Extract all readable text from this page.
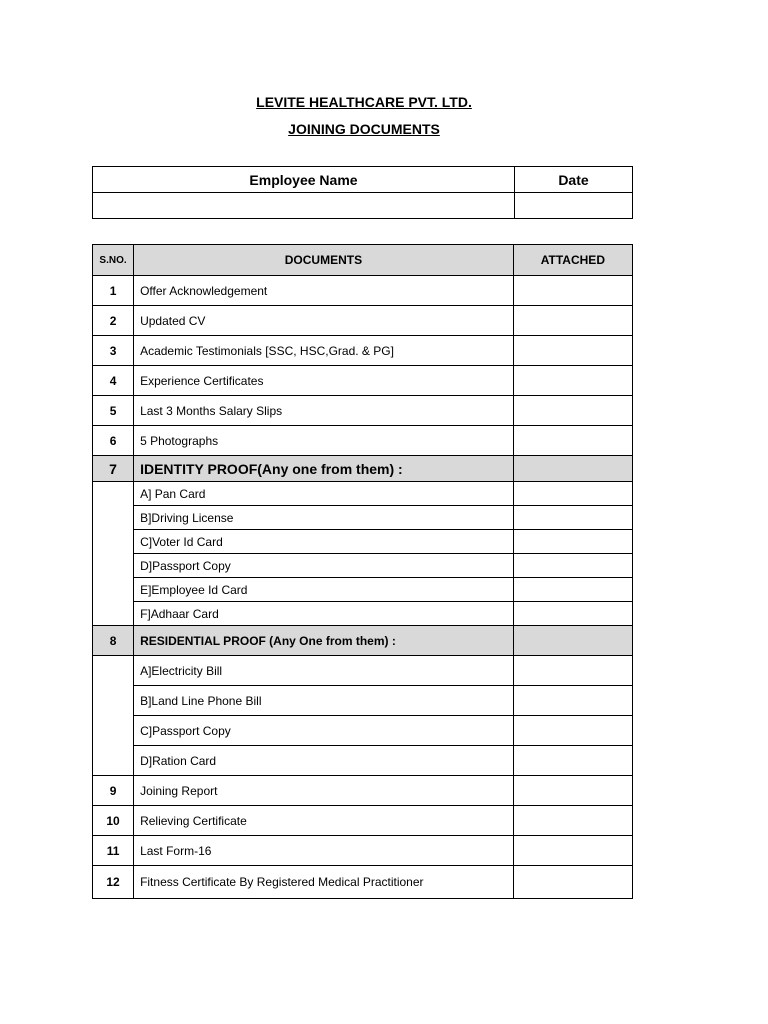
LEVITE HEALTHCARE PVT. LTD.
JOINING DOCUMENTS
Employee Name	Date

S.NO.	DOCUMENTS	ATTACHED
1	Offer Acknowledgement	
2	Updated CV	
3	Academic Testimonials [SSC, HSC,Grad. & PG]	
4	Experience Certificates	
5	Last 3 Months Salary Slips	
6	5 Photographs	
7	IDENTITY PROOF(Any one from them) :	
	A] Pan Card	
	B]Driving License	
	C]Voter Id Card	
	D]Passport Copy	
	E]Employee Id Card	
	F]Adhaar Card	
8	RESIDENTIAL PROOF (Any One from them) :	
	A]Electricity Bill	
	B]Land Line Phone Bill	
	C]Passport Copy	
	D]Ration Card	
9	Joining Report	
10	Relieving Certificate	
11	Last Form-16	
12	Fitness Certificate By Registered Medical Practitioner	
